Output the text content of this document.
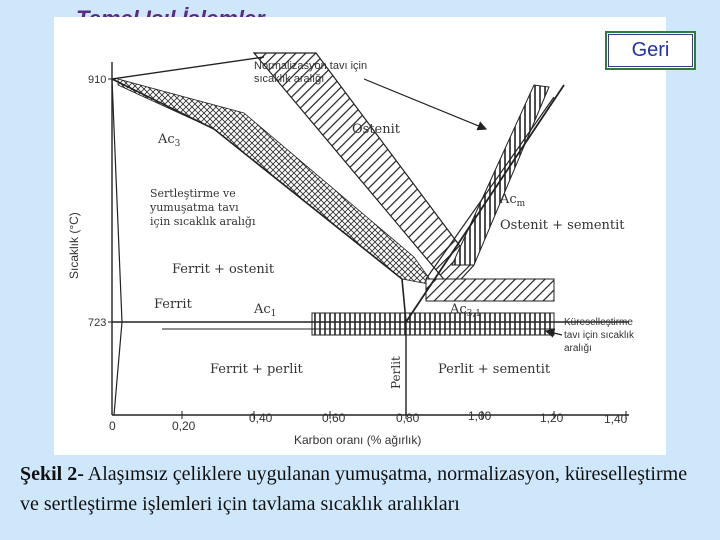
910
723
0	0,20
0,40	0,60	0,80	1,00	1,20	1,40
Karbon oranı (% ağırlık)
Sıcaklık (°C)
Normalizasyon tavı için
sıcaklık aralığı
Ostenit
$Ac_3$
Sertleştirme ve
yumuşatma tavı
için sıcaklık aralığı
$Ac_m$
Ostenit + sementit
Ferrit + ostenit
Ferrit	$Ac_1$	$Ac_{3,1}$
Küreselleştirme
tavı için sıcaklık
aralığı
Ferrit + perlit	Perlit	Perlit + sementit
Geri
Şekil 2- Alaşımsız çeliklere uygulanan yumuşatma, normalizasyon, küreselleştirme ve sertleştirme işlemleri için tavlama sıcaklık aralıkları
